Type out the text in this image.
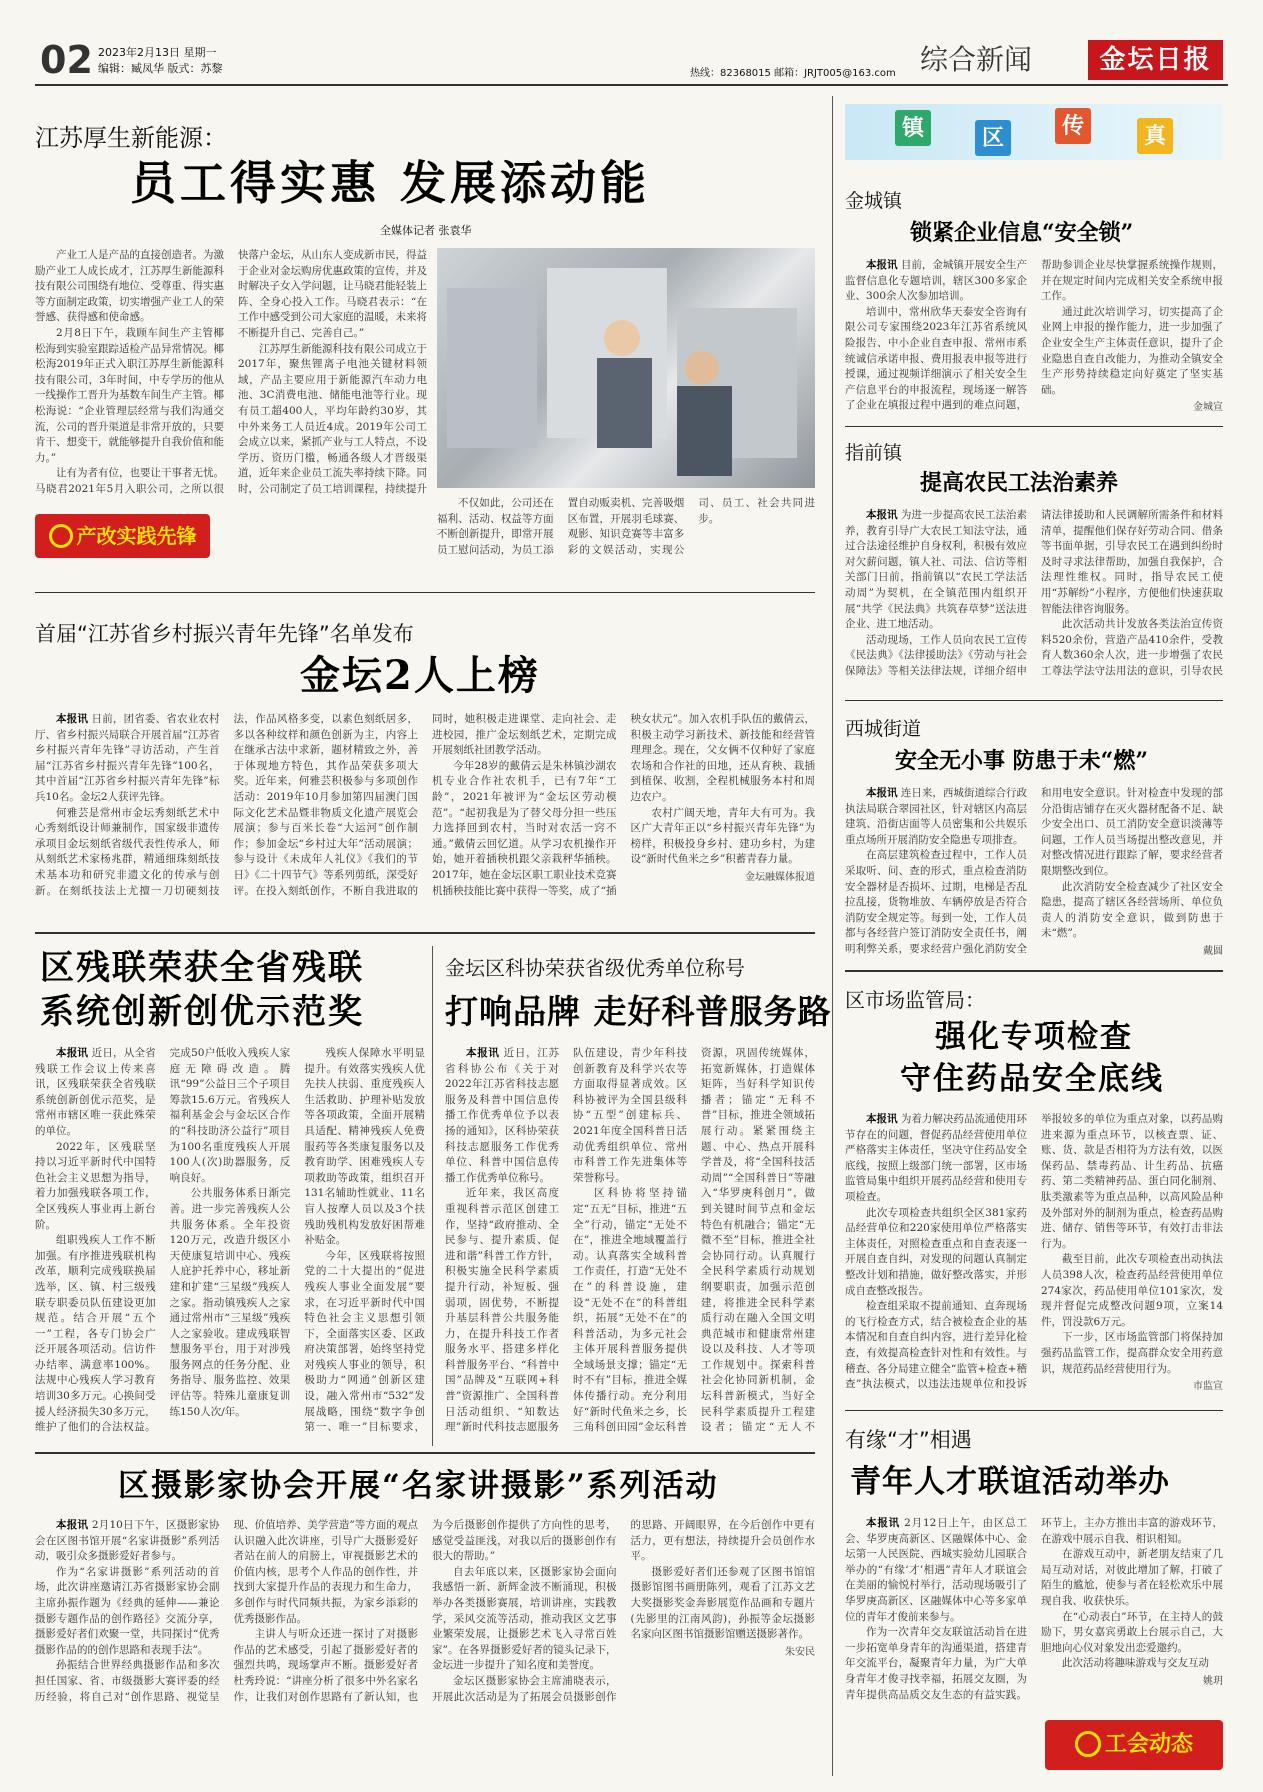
02 2023年2月13日 星期一
编辑：臧凤华 版式：苏黎	热线：82368015 邮箱：JRJT005@163.com 综合新闻	金坛日报
江苏厚生新能源：
员工得实惠 发展添动能
全媒体记者 张袁华

产业工人是产品的直接创造者。为激励产业工人成长成才，江苏厚生新能源科技有限公司围绕有地位、受尊重、得实惠等方面制定政策，切实增强产业工人的荣誉感、获得感和使命感。

2月8日下午，栽顾车间生产主管椰松海到实验室跟踪适检产品异常情况。椰松海2019年正式入职江苏厚生新能源科技有限公司，3年时间，中专学历的他从一线操作工晋升为基数车间生产主管。椰松海说：“企业管理层经常与我们沟通交流，公司的晋升渠道是非常开放的，只要肯干、想变干，就能够提升自我价值和能力。”

让有为者有位，也要让干事者无忧。马晓君2021年5月入职公司，之所以很快落户金坛，从山东人变成新市民，得益于企业对金坛购房优惠政策的宣传，并及时解决子女入学问题，让马晓君能轻装上阵、全身心投入工作。马晓君表示：“在工作中感受到公司大家庭的温暖，未来将不断提升自己、完善自己。”

江苏厚生新能源科技有限公司成立于2017年，聚焦锂离子电池关键材料领域，产品主要应用于新能源汽车动力电池、3C消费电池、储能电池等行业。现有员工超400人，平均年龄约30岁，其中外来务工人员近4成。2019年公司工会成立以来，紧抓产业与工人特点，不设学历、资历门槛，畅通各级人才晋级渠道，近年来企业员工流失率持续下降。同时，公司制定了员工培训课程，持续提升

产改实践先锋

不仅如此，公司还在福利、活动、权益等方面不断创新提升，即常开展员工慰问活动，为员工添置自动贩卖机、完善吸烟区布置，开展羽毛球赛、观影、知识竞赛等丰富多彩的文娱活动，实现公司、员工、社会共同进步。

首届“江苏省乡村振兴青年先锋”名单发布
金坛2人上榜

本报讯 日前，团省委、省农业农村厅、省乡村振兴局联合开展首届“江苏省乡村振兴青年先锋”寻访活动，产生首届“江苏省乡村振兴青年先锋”100名，其中首届“江苏省乡村振兴青年先锋”标兵10名。金坛2人获评先锋。

何雅芸是常州市金坛秀刻纸艺术中心秀刻纸设计师兼制作，国家级非遗传承项目金坛刻纸省级代表性传承人，师从刻纸艺术家杨兆群，精通细珠刻纸技术基本功和研究非遗文化的传承与创新。在刻纸技法上尤擅一刀切硬刻技法，作品风格多变，以素色刻纸居多，多以各种纹样和颜色创新为主，内容上在继承古法中求新，题材精致之外，善于体现地方特色，其作品荣获多项大奖。近年来，何雅芸积极参与多项创作活动：2019年10月参加第四届澳门国际文化艺术品暨非物质文化遗产展览会展演；参与百米长卷“大运河”创作制作；参加金坛“乡村过大年”活动展演；参与设计《未成年人礼仪》《我们的节日》《二十四节气》等系列剪纸，深受好评。在投入刻纸创作，不断自我进取的同时，她积极走进课堂、走向社会、走进校园，推广金坛刻纸艺术，定期完成开展刻纸社团教学活动。

今年28岁的戴倩云是朱林镇沙湖农机专业合作社农机手，已有7年“工龄”，2021年被评为“金坛区劳动模范”。“起初我是为了替父母分担一些压力选择回到农村，当时对农活一窍不通。”戴倩云回忆道。从学习农机操作开始，她开着插秧机跟父亲栽秤华插秧。2017年，她在金坛区职工职业技术竞赛机插秧技能比赛中获得一等奖，成了“插秧女状元”。加入农机手队伍的戴倩云，积极主动学习新技术、新技能和经营管理理念。现在，父女俩不仅种好了家庭农场和合作社的田地，还从育秧、栽插到植保、收割，全程机械服务本村和周边农户。

农村广阔天地，青年大有可为。我区广大青年正以“乡村振兴青年先锋”为榜样，积极投身乡村、建功乡村，为建设“新时代鱼米之乡”积蓄青春力量。

金坛融媒体报道
区残联荣获全省残联
系统创新创优示范奖

本报讯 近日，从全省残联工作会议上传来喜讯，区残联荣获全省残联系统创新创优示范奖，是常州市辖区唯一获此殊荣的单位。

2022年，区残联坚持以习近平新时代中国特色社会主义思想为指导，着力加强残联各项工作，全区残疾人事业再上新台阶。

组职残疾人工作不断加强。有序推进残联机构改革，顺利完成残联换届选举，区、镇、村三级残联专职委员队伍建设更加规范。结合开展“五个一”工程，各专门协会广泛开展各项活动。信访件办结率、满意率100%。法规中心残疾人学习教育培训30多万元。心换间受援人经济损失30多万元，维护了他们的合法权益。完成50户低收入残疾人家庭无障碍改造。腾讯“99”公益日三个子项目筹款15.6万元。省残疾人福利基金会与金坛区合作的“科技助济公益行”项目为100名重度残疾人开展100人(次)助器服务，反响良好。

公共服务体系日渐完善。进一步完善残疾人公共服务体系。全年投资120万元，改造升级区小天使康复培训中心、残疾人庇护托养中心，移址新建和扩建“三星级”残疾人之家。指动镇残疾人之家通过常州市“三星级”残疾人之家验收。建成残联智慧服务平台，用于对涉残服务网点的任务分配、业务指导、服务监控、效果评估等。特殊儿童康复训练150人次/年。

残疾人保障水平明显提升。有效落实残疾人优先扶人扶弱、重度残疾人生活救助、护理补贴发放等各项政策，全面开展精具适配、精神残疾人免费服药等各类康复服务以及教育助学、困难残疾人专项救助等政策，组织召开131名辅助性就业、11名盲人按摩人员以及3个扶残助残机构发放好困帮难补贴金。

今年，区残联将按照党的二十大提出的“促进残疾人事业全面发展”要求，在习近平新时代中国特色社会主义思想引领下，全面落实区委、区政府决策部署，始终坚持党对残疾人事业的领导，积极助力“网通”创新区建设，融入常州市“532”发展战略，围绕“数字争创第一、唯一”目标要求，

金坛区科协荣获省级优秀单位称号
打响品牌 走好科普服务路

本报讯 近日，江苏省科协公布《关于对2022年江苏省科技志愿服务及科普中国信息传播工作优秀单位予以表扬的通知》，区科协荣获科技志愿服务工作优秀单位、科普中国信息传播工作优秀单位称号。

近年来，我区高度重视科普示范区创建工作，坚持“政府推动、全民参与、提升素质、促进和谐”科普工作方针，积极实施全民科学素质提升行动，补短板、强弱项，固优势，不断提升基层科普公共服务能力，在提升科技工作者服务水平、搭建多样化科普服务平台、“科普中国”品牌及“互联网+科普”资源推广、全国科普日活动组织、“知数达理”新时代科技志愿服务队伍建设，青少年科技创新教育及科学兴农等方面取得显著成效。区科协被评为全国县级科协“五型”创建标兵、2021年度全国科普日活动优秀组织单位、常州市科普工作先进集体等荣誉称号。

区科协将坚持锚定“五无”目标，推进“五全”行动，锚定“无处不在”，推进全地域覆盖行动。认真落实全域科普工作责任，打造“无处不在”的科普设施，建设“无处不在”的科普组织，拓展“无处不在”的科普活动，为多元社会主体开展科普服务提供全域场景支撑；锚定“无时不有”目标，推进全媒体传播行动。充分利用好“新时代鱼米之乡，长三角科创田园”金坛科普资源，巩固传统媒体，拓宽新媒体，打造媒体矩阵，当好科学知识传播者；锚定“无科不普”目标，推进全领域拓展行动。紧紧围绕主题、中心、热点开展科学普及，将“全国科技活动周”“全国科普日”等融入“华罗庚科创月”，做到关键时间节点和金坛特色有机融合；锚定“无微不至”目标，推进全社会协同行动。认真履行全民科学素质行动规划纲要职责，加强示范创建，将推进全民科学素质行动在融入全国文明典范城市和健康常州建设以及科技、人才等项工作规划中。探索科普社会化协同新机制，金坛科普新模式，当好全民科学素质提升工程建设者；锚定“无人不

区摄影家协会开展“名家讲摄影”系列活动

本报讯 2月10日下午，区摄影家协会在区图书馆开展“名家讲摄影”系列活动，吸引众多摄影爱好者参与。

作为“名家讲摄影”系列活动的首场，此次讲座邀请江苏省摄影家协会副主席孙振作题为《经典的延伸——兼论摄影专题作品的创作路径》交流分享，摄影爱好者们欢聚一堂，共同探讨“优秀摄影作品的的创作思路和表现手法”。

孙振结合世界经典摄影作品和多次担任国家、省、市级摄影大赛评委的经历经验，将自己对“创作思路、视觉呈现、价值培养、美学营造”等方面的观点认识融入此次讲座，引导广大摄影爱好者站在前人的肩膀上，审视摄影艺术的价值内核，思考个人作品的创作性，并找到大家提升作品的表现力和生命力，多创作与时代同频共振，为家乡添彩的优秀摄影作品。

主讲人与听众还进一探讨了对摄影作品的艺术感受，引起了摄影爱好者的强烈共鸣，现场掌声不断。摄影爱好者杜秀玲说：“讲座分析了很多中外名家名作，让我们对创作思路有了新认知，也为今后摄影创作提供了方向性的思考，感觉受益匪浅，对我以后的摄影创作有很大的帮助。”

自去年底以来，区摄影家协会面向我感悟一新、新辉金波不断涌现，积极举办各类摄影赛展，培训讲座，实践教学，采风交流等活动，推动我区文艺事业繁荣发展，让摄影艺术飞入寻常百姓家”。在各界摄影爱好者的镜头记录下，金坛进一步提升了知名度和美誉度。

金坛区摄影家协会主席浦晓表示，开展此次活动是为了拓展会员摄影创作的思路、开阔眼界，在今后创作中更有活力，更有想法，持续提升会员创作水平。

摄影爱好者们还参观了区图书馆馆摄影馆图书画册陈列，观看了江苏文艺大奖摄影奖金奔影展览作品画和专题片(先影里的江南风韵)，孙振等金坛摄影名家向区图书馆摄影馆赠送摄影著作。

朱安民
镇	区	传	真
金城镇
锁紧企业信息“安全锁”

本报讯 目前，金城镇开展安全生产监督信息化专题培训，辖区300多家企业、300余人次参加培训。

培训中，常州欣华天泰安全咨询有限公司专家围绕2023年江苏省系统风险报告、中小企业自查申报、常州市系统诚信承诺申报、费用报表申报等进行授课，通过视频详细演示了相关安全生产信息平台的申报流程，现场逐一解答了企业在填报过程中遇到的难点问题，帮助参训企业尽快掌握系统操作规则，并在规定时间内完成相关安全系统申报工作。

通过此次培训学习，切实提高了企业网上申报的操作能力，进一步加强了企业安全生产主体责任意识，提升了企业隐患自查自改能力，为推动全镇安全生产形势持续稳定向好奠定了坚实基础。

金城宣
指前镇
提高农民工法治素养

本报讯 为进一步提高农民工法治素养，教育引导广大农民工知法守法，通过合法途径维护自身权利，积极有效应对欠薪问题，镇人社、司法、信访等相关部门日前，指前镇以“农民工学法活动周”为契机，在全镇范围内组织开展“共学《民法典》共筑春草梦”送法进企业、进工地活动。

活动现场，工作人员向农民工宣传《民法典》《法律援助法》《劳动与社会保障法》等相关法律法规，详细介绍申请法律援助和人民调解所需条件和材料清单，提醒他们保存好劳动合同、借条等书面单据，引导农民工在遇到纠纷时及时寻求法律帮助，加强自我保护，合法理性维权。同时，指导农民工使用“苏解纷”小程序，方便他们快速获取智能法律咨询服务。

此次活动共计发放各类法治宣传资料520余份，营造产品410余件，受教育人数360余人次，进一步增强了农民工尊法学法守法用法的意识，引导农民

西城街道
安全无小事 防患于未“燃”

本报讯 连日来，西城街道综合行政执法局联合翠园社区，针对辖区内高层建筑、沿街店面等人员密集和公共娱乐重点场所开展消防安全隐患专项排查。

在高层建筑检查过程中，工作人员采取听、问、查的形式，重点检查消防安全器材是否损坏、过期，电梯是否乱拉乱接，货物堆放、车辆停放是否符合消防安全规定等。每到一处，工作人员都与各经营户签订消防安全责任书，阐明利弊关系，要求经营户强化消防安全和用电安全意识。针对检查中发现的部分沿街店铺存在灭火器材配备不足、缺少安全出口、员工消防安全意识淡薄等问题，工作人员当场提出整改意见，并对整改情况进行跟踪了解，要求经营者限期整改到位。

此次消防安全检查减少了社区安全隐患，提高了辖区各经营场所、单位负责人的消防安全意识，做到防患于未“燃”。

戴圆
区市场监管局：
强化专项检查
守住药品安全底线

本报讯 为着力解决药品流通使用环节存在的问题，督促药品经营使用单位严格落实主体责任，坚决守住药品安全底线，按照上级部门统一部署，区市场监管局集中组织开展药品经营和使用专项检查。

此次专项检查共组织全区381家药品经营单位和220家使用单位严格落实主体责任，对照检查重点和自查表逐一开展自查自纠，对发现的问题认真制定整改计划和措施，做好整改落实，并形成自查整改报告。

检查组采取不提前通知、直奔现场的飞行检查方式，结合被检查企业的基本情况和自查自纠内容，进行差异化检查，有效提高检查针对性和有效性。与稽查、各分局建立健全“监管+检查+稽查”执法模式，以违法违规单位和投诉举报较多的单位为重点对象，以药品购进来源为重点环节，以核查票、证、账、货、款是否相符为方法有效，以医保药品、禁毒药品、计生药品、抗癌药、第二类精神药品、蛋白同化制剂、肽类激素等为重点品种，以高风险品种及外部对外的制剂为重点，检查药品购进、储存、销售等环节，有效打击非法行为。

截至目前，此次专项检查出动执法人员398人次，检查药品经营使用单位274家次，药品使用单位101家次，发现并督促完成整改问题9项，立案14件，罚没款6万元。

下一步，区市场监管部门将保持加强药品监管工作，提高群众安全用药意识，规范药品经营使用行为。

市监宣
有缘“才”相遇
青年人才联谊活动举办

本报讯 2月12日上午，由区总工会、华罗庚高新区、区融媒体中心、金坛第一人民医院、西城实验幼儿园联合举办的“有缘‘才’相遇”青年人才联谊会在美丽的愉悦村举行，活动现场吸引了华罗庚高新区、区融媒体中心等多家单位的青年才俊前来参与。

作为一次青年交友联谊活动旨在进一步拓宽单身青年的沟通渠道，搭建青年交流平台，凝聚青年力量，为广大单身青年才俊寻找幸福，拓展交友圈，为青年提供高品质交友生态的有益实践。环节上，主办方推出丰富的游戏环节，在游戏中展示自我、相识相知。

在游戏互动中，新老朋友结束了几局互动对话，对彼此增加了解，打破了陌生的尴尬，使参与者在轻松欢乐中展现自我、收获快乐。

在“心动表白”环节，在主持人的鼓励下，男女嘉宾勇敢上台展示自己，大胆地向心仪对象发出恋爱邀约。

此次活动将趣味游戏与交友互动

姚玥
工会动态
